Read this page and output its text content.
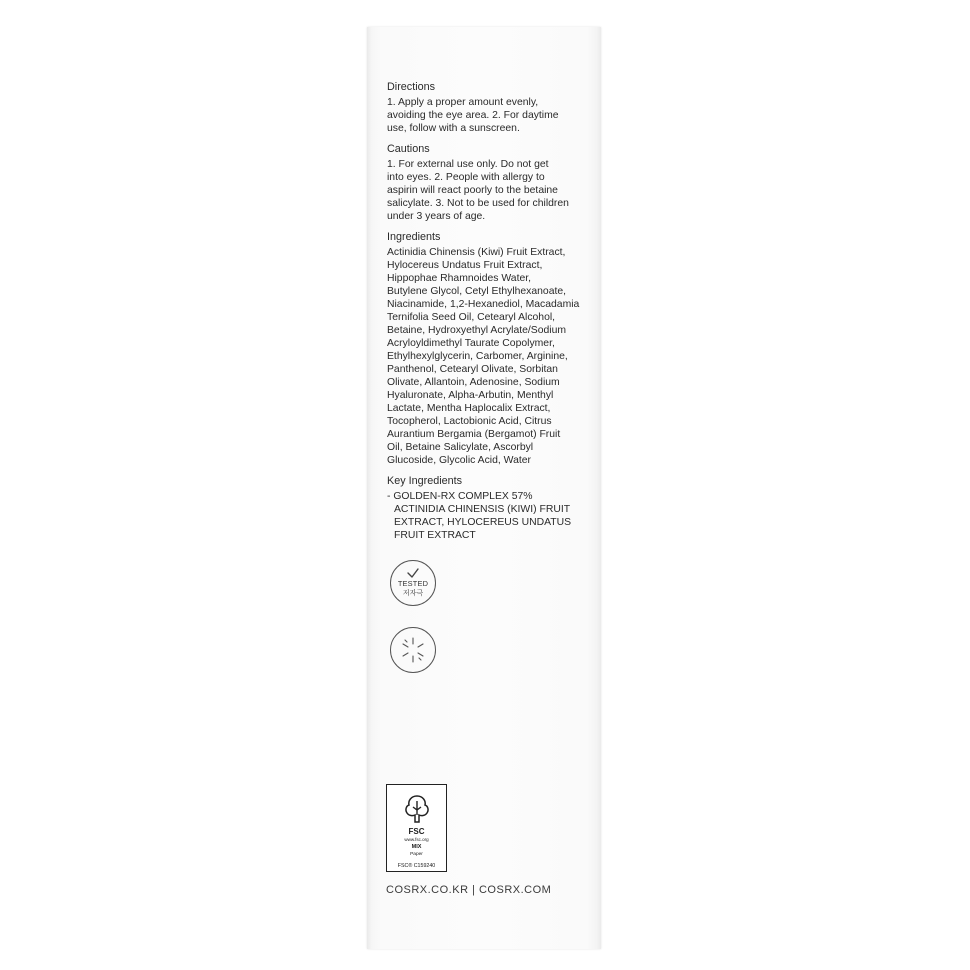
Directions
1. Apply a proper amount evenly,
avoiding the eye area. 2. For daytime
use, follow with a sunscreen.
Cautions
1. For external use only. Do not get
into eyes. 2. People with allergy to
aspirin will react poorly to the betaine
salicylate. 3. Not to be used for children
under 3 years of age.
Ingredients
Actinidia Chinensis (Kiwi) Fruit Extract,
Hylocereus Undatus Fruit Extract,
Hippophae Rhamnoides Water,
Butylene Glycol, Cetyl Ethylhexanoate,
Niacinamide, 1,2-Hexanediol, Macadamia
Ternifolia Seed Oil, Cetearyl Alcohol,
Betaine, Hydroxyethyl Acrylate/Sodium
Acryloyldimethyl Taurate Copolymer,
Ethylhexylglycerin, Carbomer, Arginine,
Panthenol, Cetearyl Olivate, Sorbitan
Olivate, Allantoin, Adenosine, Sodium
Hyaluronate, Alpha-Arbutin, Menthyl
Lactate, Mentha Haplocalix Extract,
Tocopherol, Lactobionic Acid, Citrus
Aurantium Bergamia (Bergamot) Fruit
Oil, Betaine Salicylate, Ascorbyl
Glucoside, Glycolic Acid, Water
Key Ingredients
- GOLDEN-RX COMPLEX 57%
ACTINIDIA CHINENSIS (KIWI) FRUIT
EXTRACT, HYLOCEREUS UNDATUS
FRUIT EXTRACT
TESTED
저자극
FSC
www.fsc.org
MIX
Paper
FSC® C159240
COSRX.CO.KR | COSRX.COM
